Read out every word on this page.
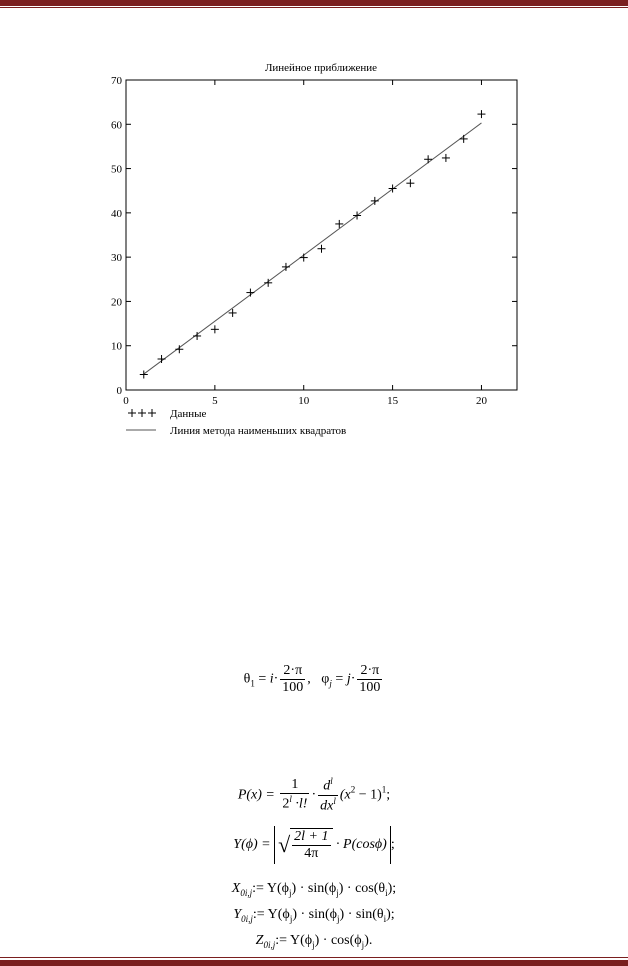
Линейное приближение
0	5	10	15	20
0
10
20
30
40
50
60
70
Данные
Линия метода наименьших квадратов
$\theta_1 = i\cdot \frac{2\cdot\pi}{100}$ ,   $\varphi_j = j\cdot \frac{2\cdot\pi}{100}$
$P(x) = \frac{1}{2^l \cdot l!} \cdot \frac{d^l}{dx^l} (x^2 - 1)^1$;
Y(ϕ) = √ $\frac{2l + 1}{4\pi} \cdot P(\cos\phi)$ ;
$X_{0i,j}:= Y(\phi_j) \cdot \sin(\phi_j) \cdot \cos(\theta_i)$;
$Y_{0i,j}:= Y(\phi_j) \cdot \sin(\phi_j) \cdot \sin(\theta_i)$;
$Z_{0i,j}:= Y(\phi_j) \cdot \cos(\phi_j)$.
